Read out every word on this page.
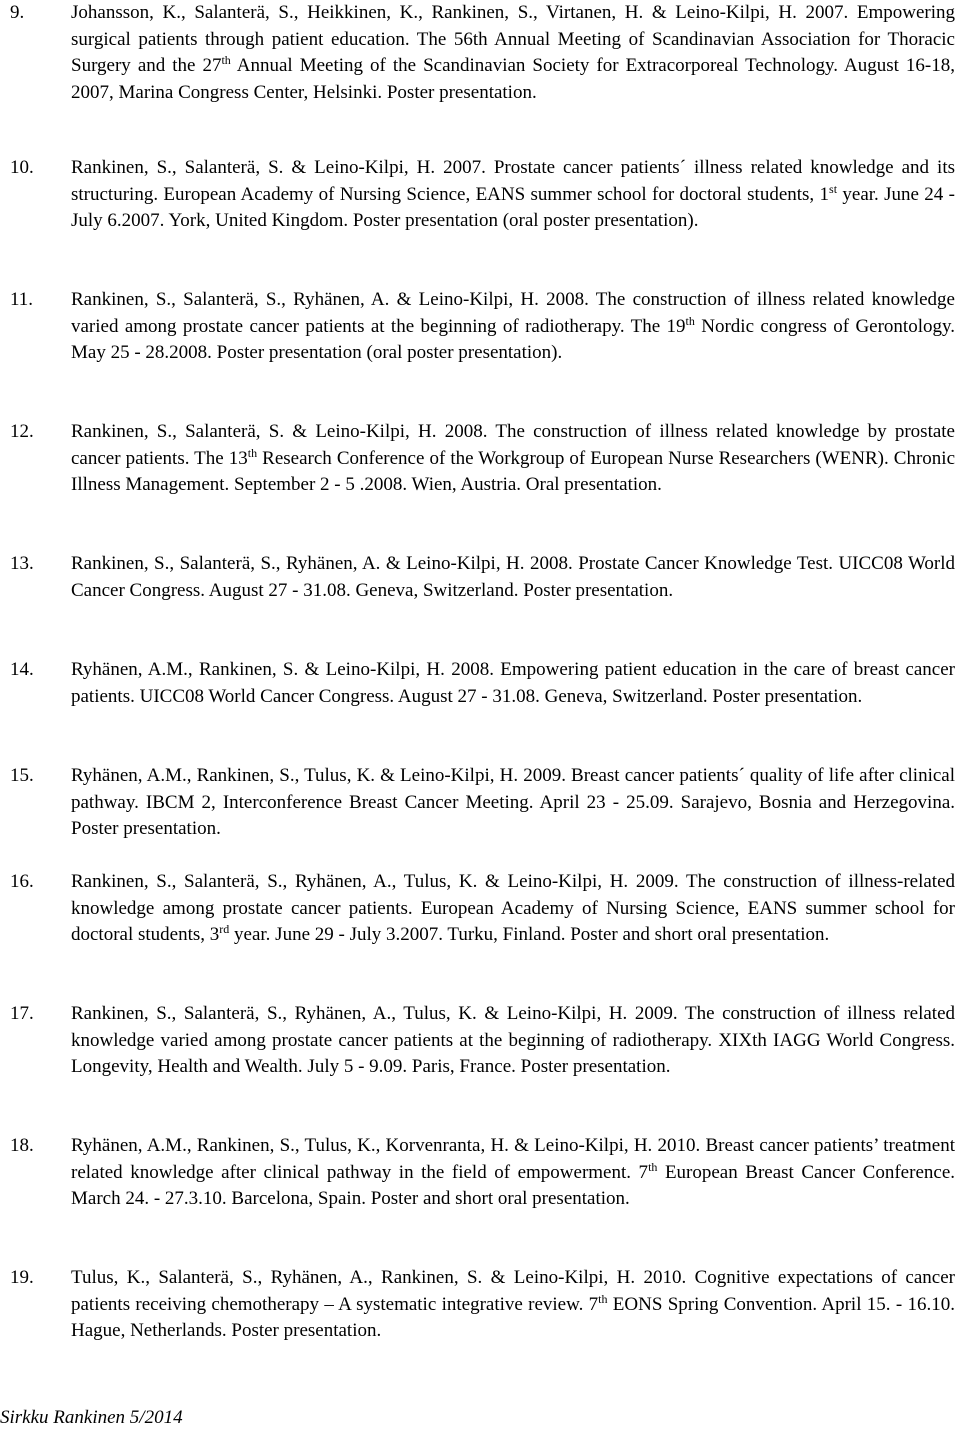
9. Johansson, K., Salanterä, S., Heikkinen, K., Rankinen, S., Virtanen, H. & Leino-Kilpi, H. 2007. Empowering surgical patients through patient education. The 56th Annual Meeting of Scandinavian Association for Thoracic Surgery and the 27th Annual Meeting of the Scandinavian Society for Extracorporeal Technology. August 16-18, 2007, Marina Congress Center, Helsinki. Poster presentation.
10. Rankinen, S., Salanterä, S. & Leino-Kilpi, H. 2007. Prostate cancer patients´ illness related knowledge and its structuring. European Academy of Nursing Science, EANS summer school for doctoral students, 1st year. June 24 - July 6.2007. York, United Kingdom. Poster presentation (oral poster presentation).
11. Rankinen, S., Salanterä, S., Ryhänen, A. & Leino-Kilpi, H. 2008. The construction of illness related knowledge varied among prostate cancer patients at the beginning of radiotherapy. The 19th Nordic congress of Gerontology. May 25 - 28.2008. Poster presentation (oral poster presentation).
12. Rankinen, S., Salanterä, S. & Leino-Kilpi, H. 2008. The construction of illness related knowledge by prostate cancer patients. The 13th Research Conference of the Workgroup of European Nurse Researchers (WENR). Chronic Illness Management. September 2 - 5 .2008. Wien, Austria. Oral presentation.
13. Rankinen, S., Salanterä, S., Ryhänen, A. & Leino-Kilpi, H. 2008. Prostate Cancer Knowledge Test. UICC08 World Cancer Congress. August 27 - 31.08. Geneva, Switzerland. Poster presentation.
14. Ryhänen, A.M., Rankinen, S. & Leino-Kilpi, H. 2008. Empowering patient education in the care of breast cancer patients. UICC08 World Cancer Congress. August 27 - 31.08. Geneva, Switzerland. Poster presentation.
15. Ryhänen, A.M., Rankinen, S., Tulus, K. & Leino-Kilpi, H. 2009. Breast cancer patients´ quality of life after clinical pathway. IBCM 2, Interconference Breast Cancer Meeting. April 23 - 25.09. Sarajevo, Bosnia and Herzegovina. Poster presentation.
16. Rankinen, S., Salanterä, S., Ryhänen, A., Tulus, K. & Leino-Kilpi, H. 2009. The construction of illness-related knowledge among prostate cancer patients. European Academy of Nursing Science, EANS summer school for doctoral students, 3rd year. June 29 - July 3.2007. Turku, Finland. Poster and short oral presentation.
17. Rankinen, S., Salanterä, S., Ryhänen, A., Tulus, K. & Leino-Kilpi, H. 2009. The construction of illness related knowledge varied among prostate cancer patients at the beginning of radiotherapy. XIXth IAGG World Congress. Longevity, Health and Wealth. July 5 - 9.09. Paris, France. Poster presentation.
18. Ryhänen, A.M., Rankinen, S., Tulus, K., Korvenranta, H. & Leino-Kilpi, H. 2010. Breast cancer patients’ treatment related knowledge after clinical pathway in the field of empowerment. 7th European Breast Cancer Conference. March 24. - 27.3.10. Barcelona, Spain. Poster and short oral presentation.
19. Tulus, K., Salanterä, S., Ryhänen, A., Rankinen, S. & Leino-Kilpi, H. 2010. Cognitive expectations of cancer patients receiving chemotherapy – A systematic integrative review. 7th EONS Spring Convention. April 15. - 16.10. Hague, Netherlands. Poster presentation.
Sirkku Rankinen 5/2014
